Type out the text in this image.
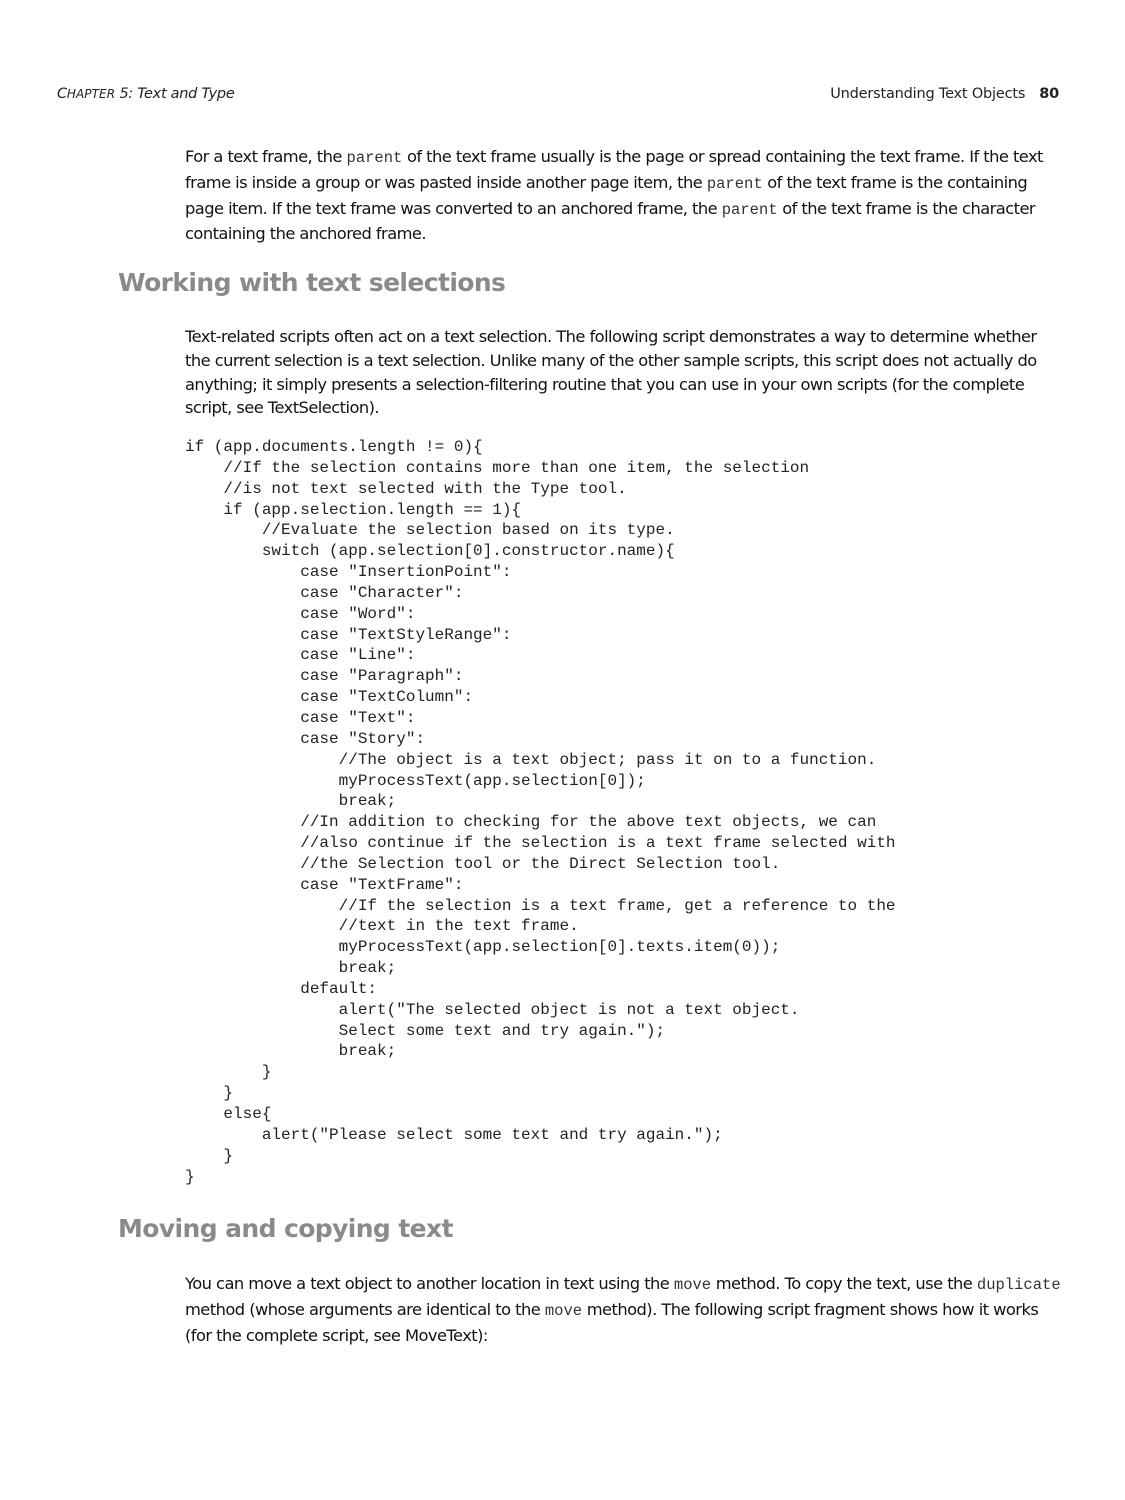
CHAPTER 5: Text and Type	Understanding Text Objects 80

For a text frame, the parent of the text frame usually is the page or spread containing the text frame. If the text frame is inside a group or was pasted inside another page item, the parent of the text frame is the containing page item. If the text frame was converted to an anchored frame, the parent of the text frame is the character containing the anchored frame.

Working with text selections

Text-related scripts often act on a text selection. The following script demonstrates a way to determine whether the current selection is a text selection. Unlike many of the other sample scripts, this script does not actually do anything; it simply presents a selection-filtering routine that you can use in your own scripts (for the complete script, see TextSelection).

if (app.documents.length != 0){
//If the selection contains more than one item, the selection
//is not text selected with the Type tool.
if (app.selection.length == 1){
//Evaluate the selection based on its type.
switch (app.selection[0].constructor.name){
case "InsertionPoint":
case "Character":
case "Word":
case "TextStyleRange":
case "Line":
case "Paragraph":
case "TextColumn":
case "Text":
case "Story":
//The object is a text object; pass it on to a function.
myProcessText(app.selection[0]);
break;
//In addition to checking for the above text objects, we can
//also continue if the selection is a text frame selected with
//the Selection tool or the Direct Selection tool.
case "TextFrame":
//If the selection is a text frame, get a reference to the
//text in the text frame.
myProcessText(app.selection[0].texts.item(0));
break;
default:
alert("The selected object is not a text object.
Select some text and try again.");
break;
}
}
else{
alert("Please select some text and try again.");
}
}
Moving and copying text

You can move a text object to another location in text using the move method. To copy the text, use the duplicate method (whose arguments are identical to the move method). The following script fragment shows how it works (for the complete script, see MoveText):
